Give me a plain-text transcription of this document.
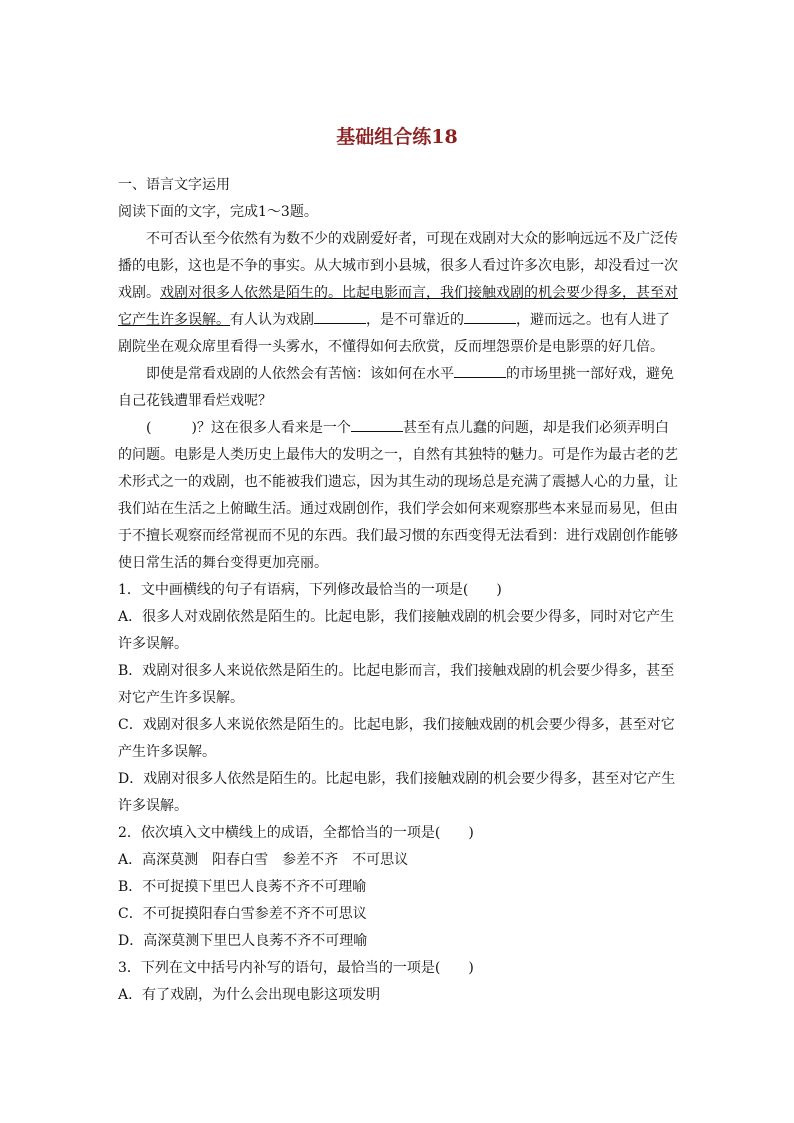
基础组合练18

一、语言文字运用

阅读下面的文字，完成1～3题。

不可否认至今依然有为数不少的戏剧爱好者，可现在戏剧对大众的影响远远不及广泛传播的电影，这也是不争的事实。从大城市到小县城，很多人看过许多次电影，却没看过一次戏剧。戏剧对很多人依然是陌生的。比起电影而言，我们接触戏剧的机会要少得多，甚至对它产生许多误解。有人认为戏剧	，是不可靠近的	，避而远之。也有人进了剧院坐在观众席里看得一头雾水，不懂得如何去欣赏，反而埋怨票价是电影票的好几倍。

即使是常看戏剧的人依然会有苦恼：该如何在水平	的市场里挑一部好戏，避免自己花钱遭罪看烂戏呢？

(	)？这在很多人看来是一个	甚至有点儿蠢的问题，却是我们必须弄明白的问题。电影是人类历史上最伟大的发明之一，自然有其独特的魅力。可是作为最古老的艺术形式之一的戏剧，也不能被我们遗忘，因为其生动的现场总是充满了震撼人心的力量，让我们站在生活之上俯瞰生活。通过戏剧创作，我们学会如何来观察那些本来显而易见，但由于不擅长观察而经常视而不见的东西。我们最习惯的东西变得无法看到：进行戏剧创作能够使日常生活的舞台变得更加亮丽。

1．文中画横线的句子有语病，下列修改最恰当的一项是(　　)

A．很多人对戏剧依然是陌生的。比起电影，我们接触戏剧的机会要少得多，同时对它产生许多误解。

B．戏剧对很多人来说依然是陌生的。比起电影而言，我们接触戏剧的机会要少得多，甚至对它产生许多误解。

C．戏剧对很多人来说依然是陌生的。比起电影，我们接触戏剧的机会要少得多，甚至对它产生许多误解。

D．戏剧对很多人依然是陌生的。比起电影，我们接触戏剧的机会要少得多，甚至对它产生许多误解。

2．依次填入文中横线上的成语，全都恰当的一项是(　　)

A．高深莫测　阳春白雪　参差不齐　不可思议

B．不可捉摸下里巴人良莠不齐不可理喻

C．不可捉摸阳春白雪参差不齐不可思议

D．高深莫测下里巴人良莠不齐不可理喻

3．下列在文中括号内补写的语句，最恰当的一项是(　　)

A．有了戏剧，为什么会出现电影这项发明
